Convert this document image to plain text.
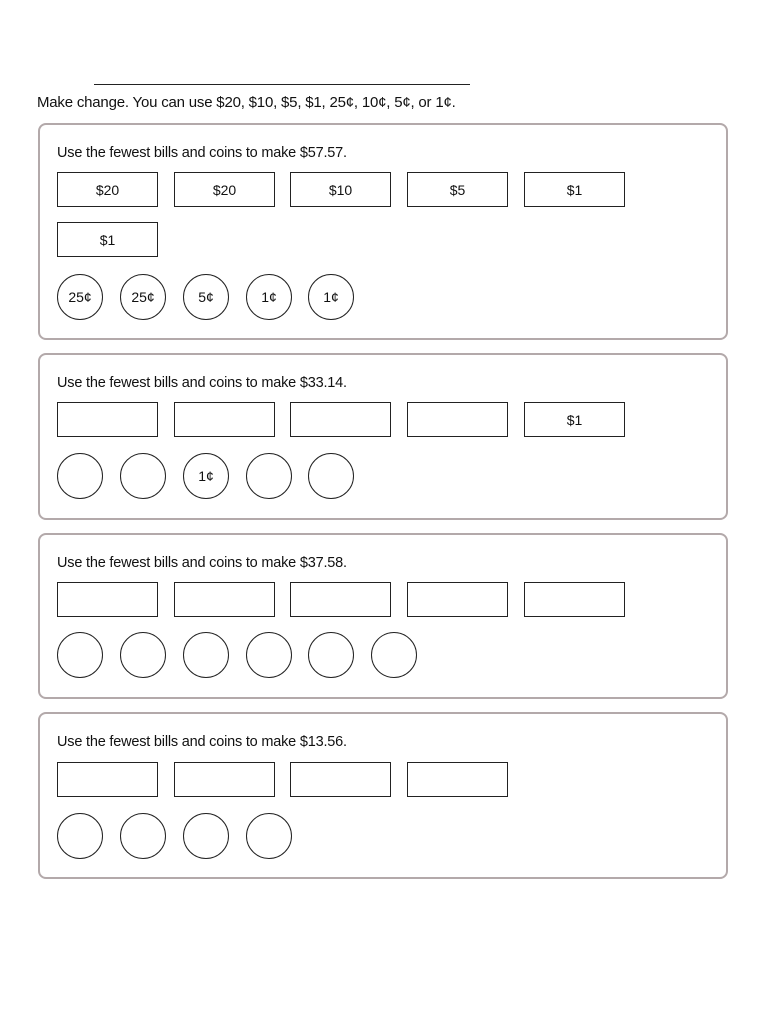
Make change. You can use $20, $10, $5, $1, 25¢, 10¢, 5¢, or 1¢.
Use the fewest bills and coins to make $57.57.
$20	$20	$10	$5	$1
$1
25¢	25¢	5¢	1¢	1¢
Use the fewest bills and coins to make $33.14.
$1
1¢
Use the fewest bills and coins to make $37.58.
Use the fewest bills and coins to make $13.56.
